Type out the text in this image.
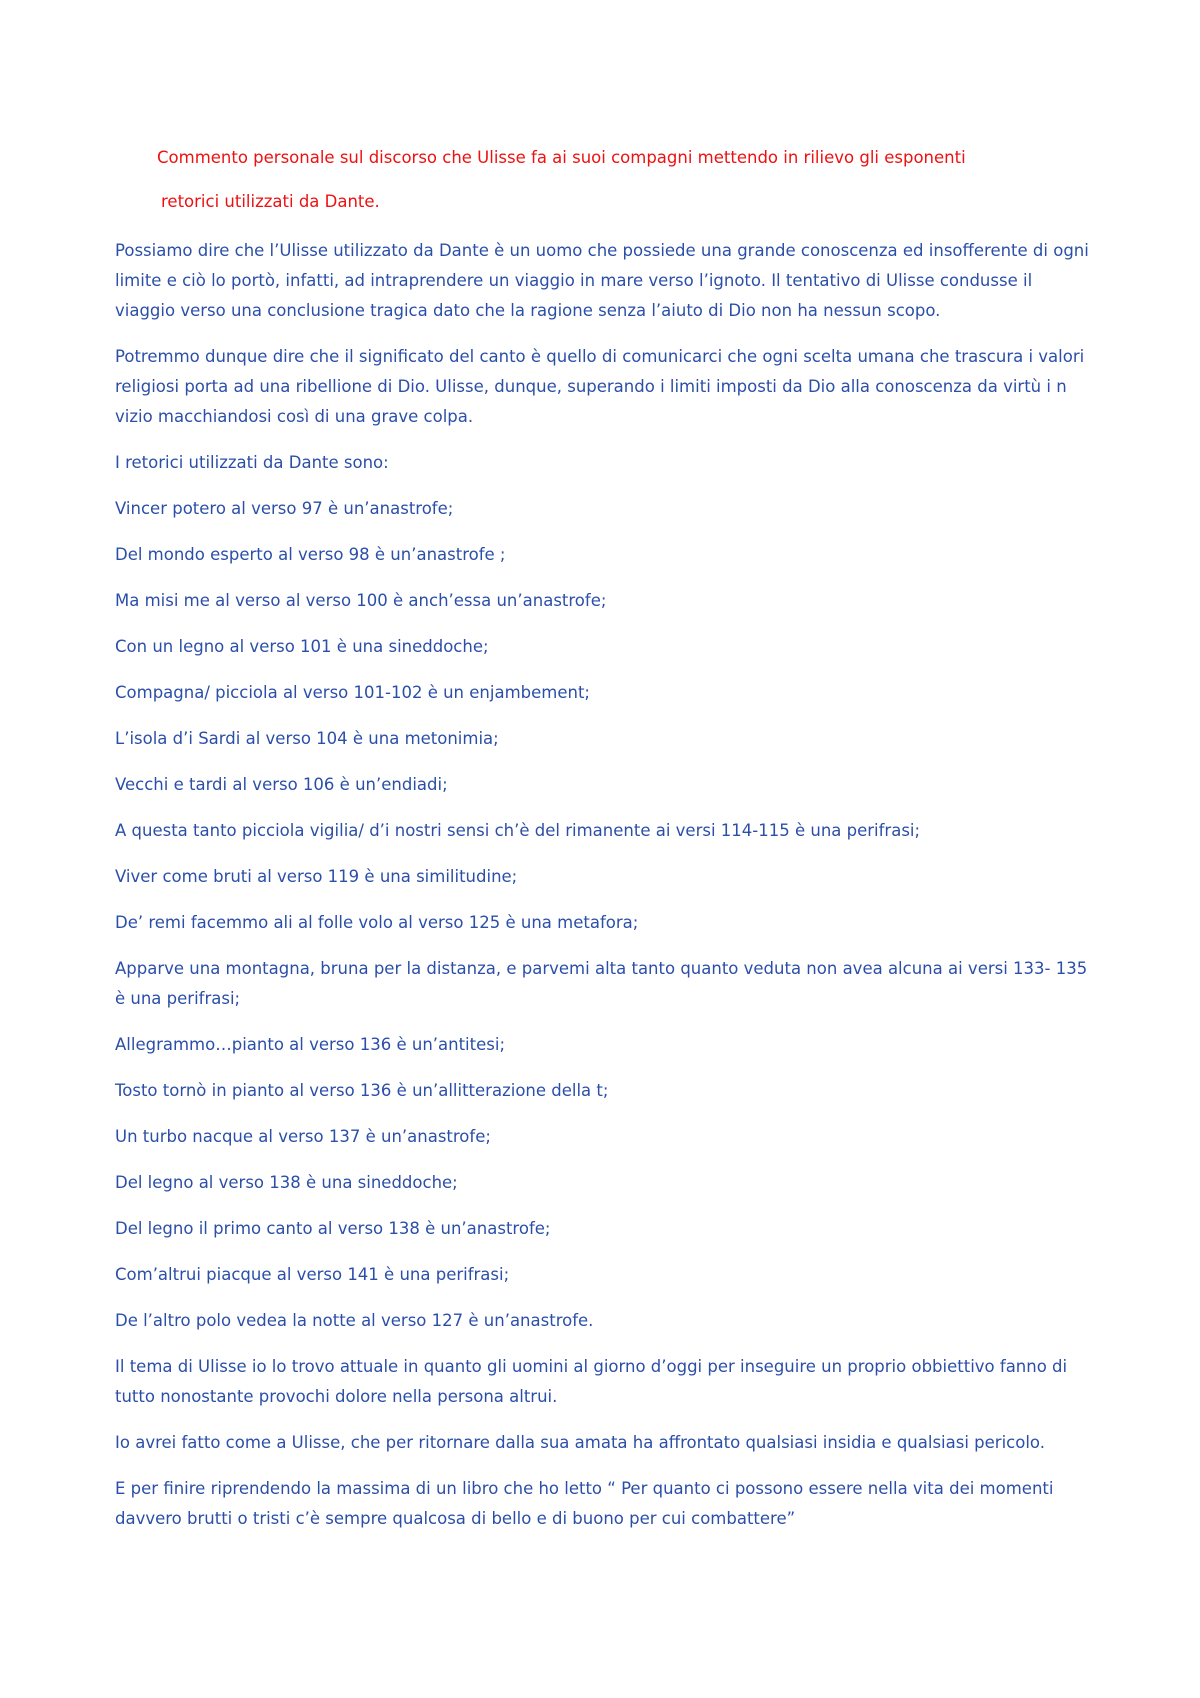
Commento personale sul discorso che Ulisse fa ai suoi compagni mettendo in rilievo gli esponenti
retorici utilizzati da Dante.

Possiamo dire che l’Ulisse utilizzato da Dante è un uomo che possiede una grande conoscenza ed insofferente di ogni limite e ciò lo portò, infatti, ad intraprendere un viaggio in mare verso l’ignoto. Il tentativo di Ulisse condusse il viaggio verso una conclusione tragica dato che la ragione senza l’aiuto di Dio non ha nessun scopo.

Potremmo dunque dire che il significato del canto è quello di comunicarci che ogni scelta umana che trascura i valori religiosi porta ad una ribellione di Dio. Ulisse, dunque, superando i limiti imposti da Dio alla conoscenza da virtù i n vizio macchiandosi così di una grave colpa.

I retorici utilizzati da Dante sono:

Vincer potero al verso 97 è un’anastrofe;

Del mondo esperto al verso 98 è un’anastrofe ;

Ma misi me al verso al verso 100 è anch’essa un’anastrofe;

Con un legno al verso 101 è una sineddoche;

Compagna/ picciola al verso 101-102 è un enjambement;

L’isola d’i Sardi al verso 104 è una metonimia;

Vecchi e tardi al verso 106 è un’endiadi;

A questa tanto picciola vigilia/ d’i nostri sensi ch’è del rimanente ai versi 114-115 è una perifrasi;

Viver come bruti al verso 119 è una similitudine;

De’ remi facemmo ali al folle volo al verso 125 è una metafora;

Apparve una montagna, bruna per la distanza, e parvemi alta tanto quanto veduta non avea alcuna ai versi 133- 135 è una perifrasi;

Allegrammo…pianto al verso 136 è un’antitesi;

Tosto tornò in pianto al verso 136 è un’allitterazione della t;

Un turbo nacque al verso 137 è un’anastrofe;

Del legno al verso 138 è una sineddoche;

Del legno il primo canto al verso 138 è un’anastrofe;

Com’altrui piacque al verso 141 è una perifrasi;

De l’altro polo vedea la notte al verso 127 è un’anastrofe.

Il tema di Ulisse io lo trovo attuale in quanto gli uomini al giorno d’oggi per inseguire un proprio obbiettivo fanno di tutto nonostante provochi dolore nella persona altrui.

Io avrei fatto come a Ulisse, che per ritornare dalla sua amata ha affrontato qualsiasi insidia e qualsiasi pericolo.

E per finire riprendendo la massima di un libro che ho letto “ Per quanto ci possono essere nella vita dei momenti davvero brutti o tristi c’è sempre qualcosa di bello e di buono per cui combattere”
